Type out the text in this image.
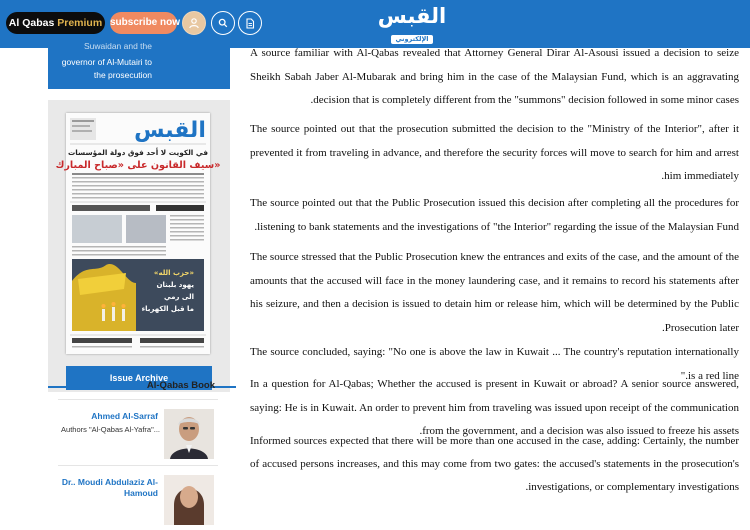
Al Qabas Premium subscribe now	القبس
الإلكتروني
Suwaidan and the
governor of Al-Mutairi to
the prosecution
القبس
في الكويت لا أحد فوق دولة المؤسسات
سيف القانون على «صباح المبارك»
«حزب الله»
يهود بلبنان
الى رمي
ما قبل الكهرباء
Issue Archive
Al-Qabas Book
Ahmed Al-Sarraf
Authors "Al-Qabas Al-Yafra"...
Dr.. Moudi Abdulaziz Al-Hamoud
A source familiar with Al-Qabas revealed that Attorney General Dirar Al-Asousi issued a decision to seize Sheikh Sabah Jaber Al-Mubarak and bring him in the case of the Malaysian Fund, which is an aggravating decision that is completely different from the "summons" decision followed in some minor cases.
The source pointed out that the prosecution submitted the decision to the "Ministry of the Interior", after it prevented it from traveling in advance, and therefore the security forces will move to search for him and arrest him immediately.
The source pointed out that the Public Prosecution issued this decision after completing all the procedures for listening to bank statements and the investigations of "the Interior" regarding the issue of the Malaysian Fund.
The source stressed that the Public Prosecution knew the entrances and exits of the case, and the amount of the amounts that the accused will face in the money laundering case, and it remains to record his statements after his seizure, and then a decision is issued to detain him or release him, which will be determined by the Public Prosecution later.
The source concluded, saying: "No one is above the law in Kuwait ... The country's reputation internationally is a red line."
In a question for Al-Qabas; Whether the accused is present in Kuwait or abroad? A senior source answered, saying: He is in Kuwait. An order to prevent him from traveling was issued upon receipt of the communication from the government, and a decision was also issued to freeze his assets.
Informed sources expected that there will be more than one accused in the case, adding: Certainly, the number of accused persons increases, and this may come from two gates: the accused's statements in the prosecution's investigations, or complementary investigations.
